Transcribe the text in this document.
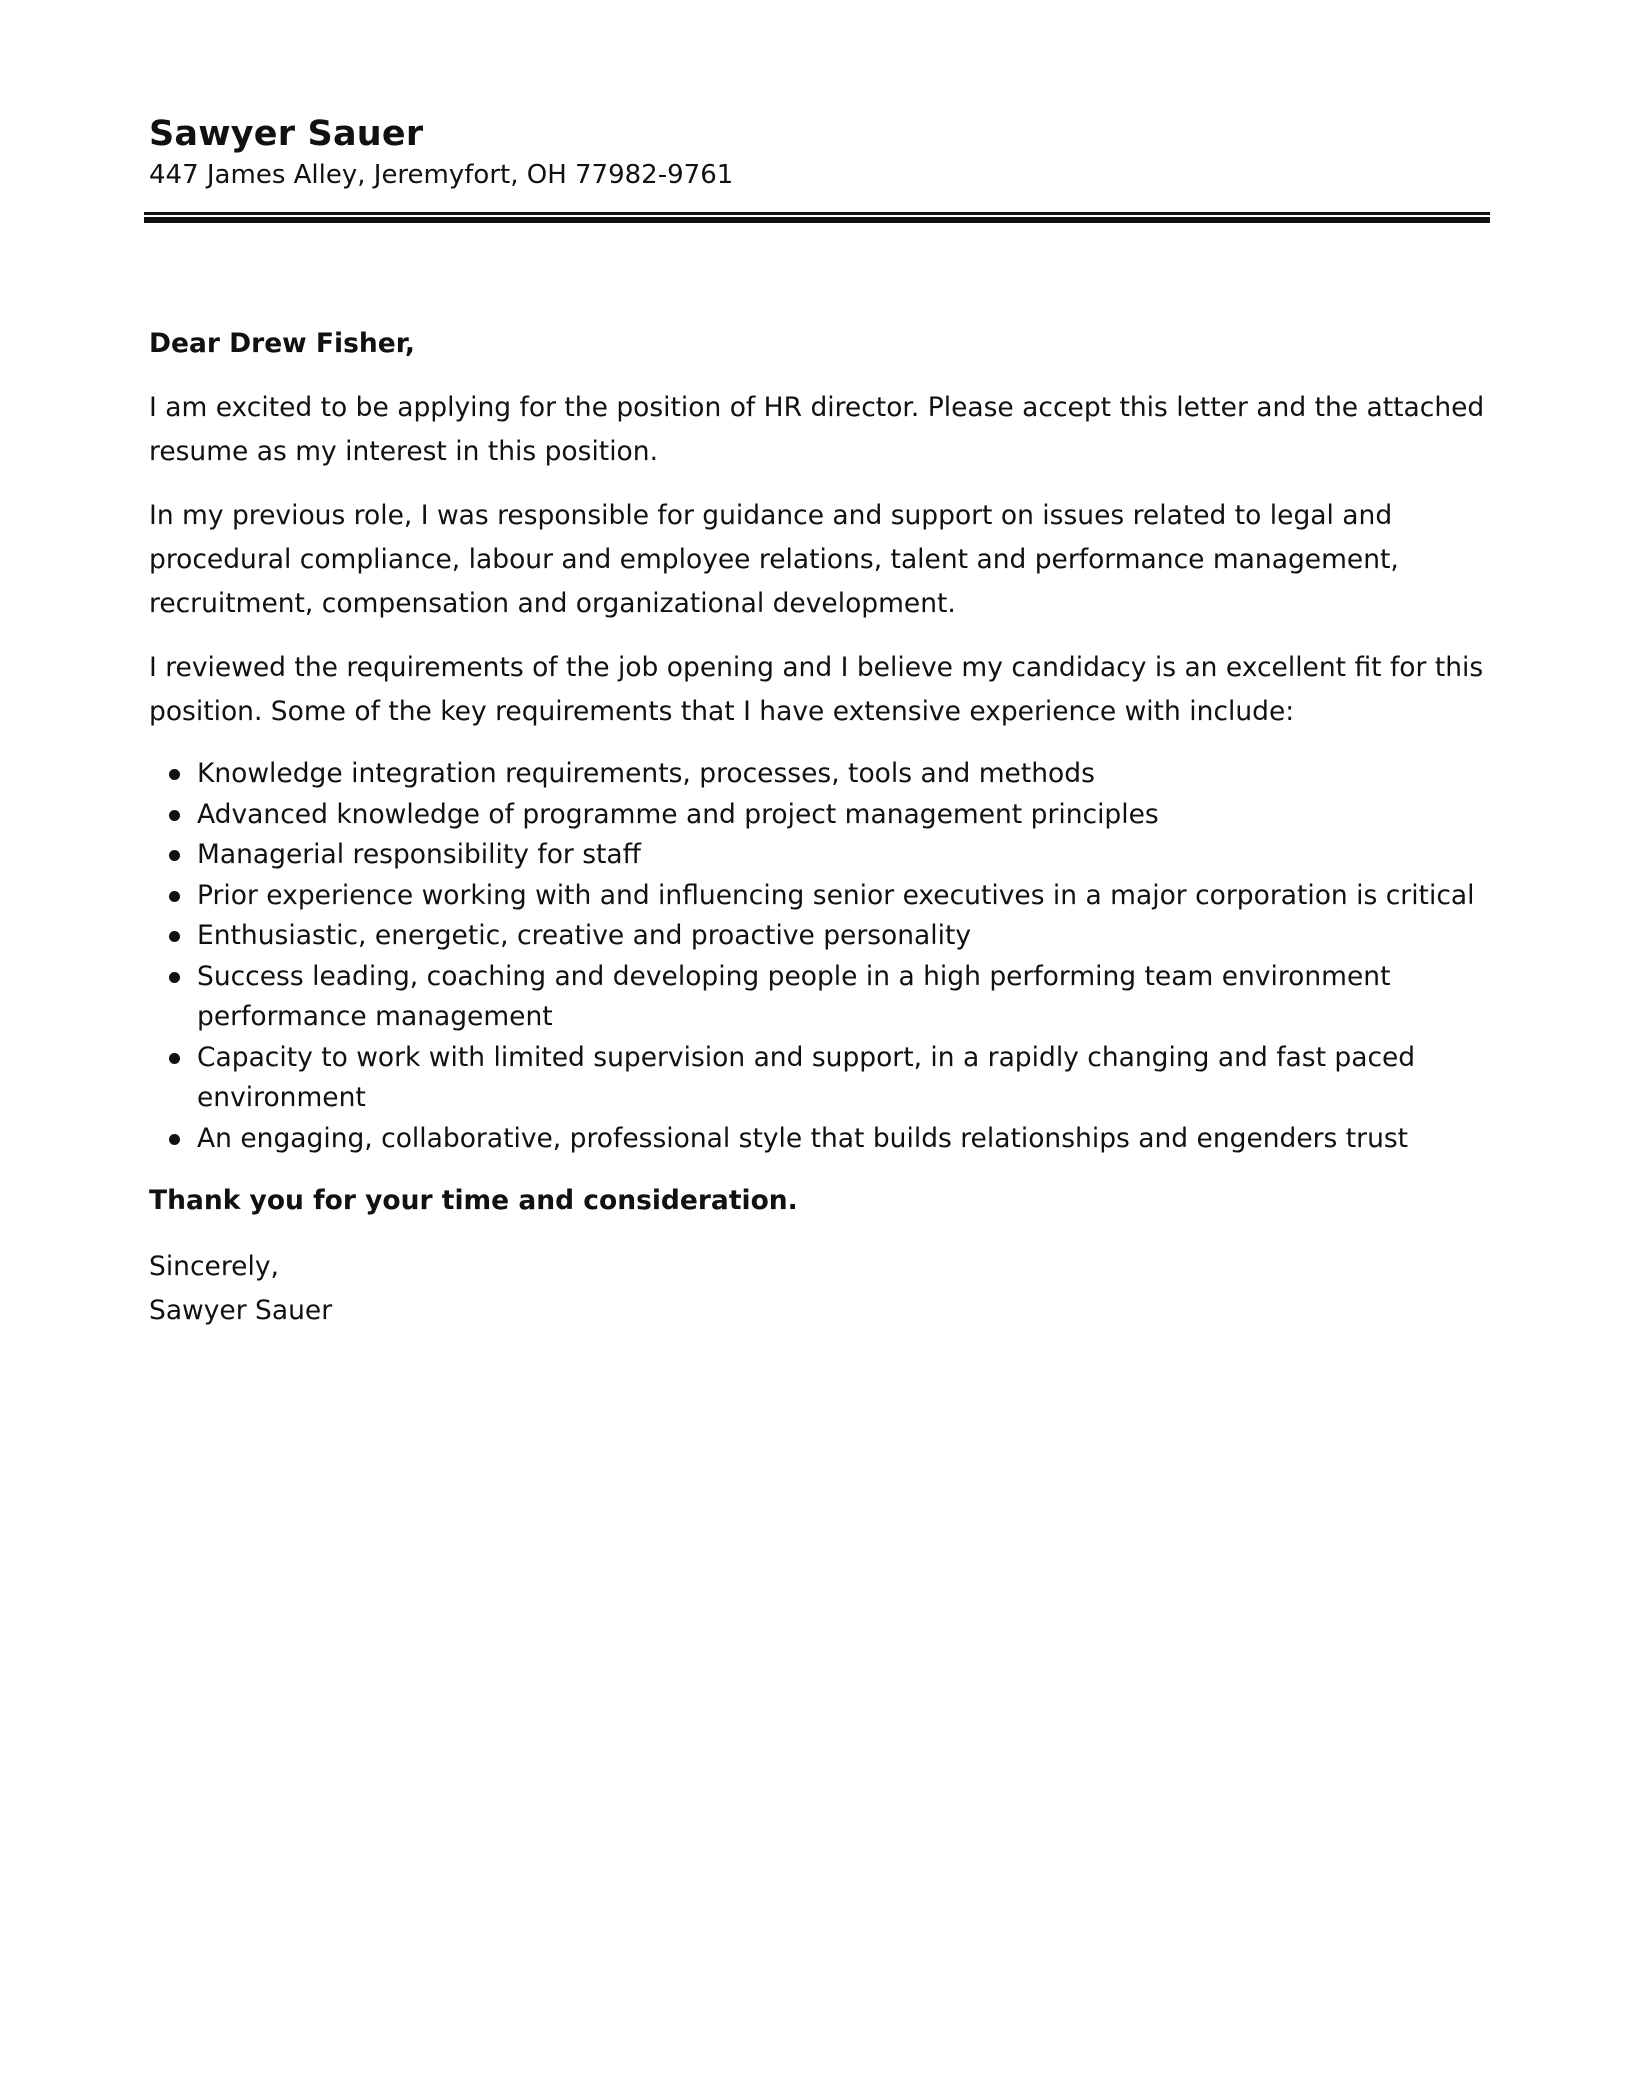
Sawyer Sauer

447 James Alley, Jeremyfort, OH 77982-9761

Dear Drew Fisher,

I am excited to be applying for the position of HR director. Please accept this letter and the attached resume as my interest in this position.

In my previous role, I was responsible for guidance and support on issues related to legal and procedural compliance, labour and employee relations, talent and performance management, recruitment, compensation and organizational development.

I reviewed the requirements of the job opening and I believe my candidacy is an excellent fit for this position. Some of the key requirements that I have extensive experience with include:

Knowledge integration requirements, processes, tools and methods
Advanced knowledge of programme and project management principles
Managerial responsibility for staff
Prior experience working with and influencing senior executives in a major corporation is critical
Enthusiastic, energetic, creative and proactive personality
Success leading, coaching and developing people in a high performing team environment performance management
Capacity to work with limited supervision and support, in a rapidly changing and fast paced environment
An engaging, collaborative, professional style that builds relationships and engenders trust

Thank you for your time and consideration.

Sincerely,

Sawyer Sauer
